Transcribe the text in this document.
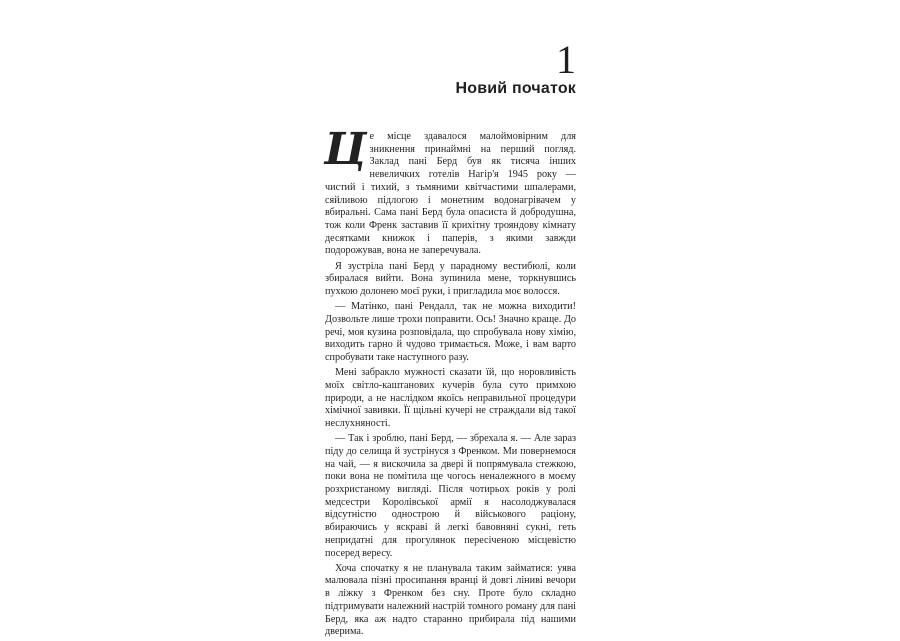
1
Новий початок

Це місце здавалося малоймовірним для зникнення принаймні на перший погляд. Заклад пані Берд був як тисяча інших невеличких готелів Нагір'я 1945 року — чистий і тихий, з тьмяними квітчастими шпалерами, сяйливою підлогою і монетним водонагрівачем у вбиральні. Сама пані Берд була опасиста й добродушна, тож коли Френк заставив її крихітну трояндову кімнату десятками книжок і паперів, з якими завжди подорожував, вона не заперечувала.

Я зустріла пані Берд у парадному вестибюлі, коли збиралася вийти. Вона зупинила мене, торкнувшись пухкою долонею моєї руки, і пригладила моє волосся.

— Матінко, пані Рендалл, так не можна виходити! Дозвольте лише трохи поправити. Ось! Значно краще. До речі, моя кузина розповідала, що спробувала нову хімію, виходить гарно й чудово тримається. Може, і вам варто спробувати таке наступного разу.

Мені забракло мужності сказати їй, що норовливість моїх світло-каштанових кучерів була суто примхою природи, а не наслідком якоїсь неправильної процедури хімічної завивки. Її щільні кучері не страждали від такої неслухняності.

— Так і зроблю, пані Берд, — збрехала я. — Але зараз піду до селища й зустрінуся з Френком. Ми повернемося на чай, — я вискочила за двері й попрямувала стежкою, поки вона не помітила ще чогось неналежного в моєму розхристаному вигляді. Після чотирьох років у ролі медсестри Королівської армії я насолоджувалася відсутністю однострою й військового раціону, вбираючись у яскраві й легкі бавовняні сукні, геть непридатні для прогулянок пересіченою місцевістю посеред вересу.

Хоча спочатку я не планувала таким займатися: уява малювала пізні просипання вранці й довгі ліниві вечори в ліжку з Френком без сну. Проте було складно підтримувати належний настрій томного роману для пані Берд, яка аж надто старанно прибирала під нашими дверима.
